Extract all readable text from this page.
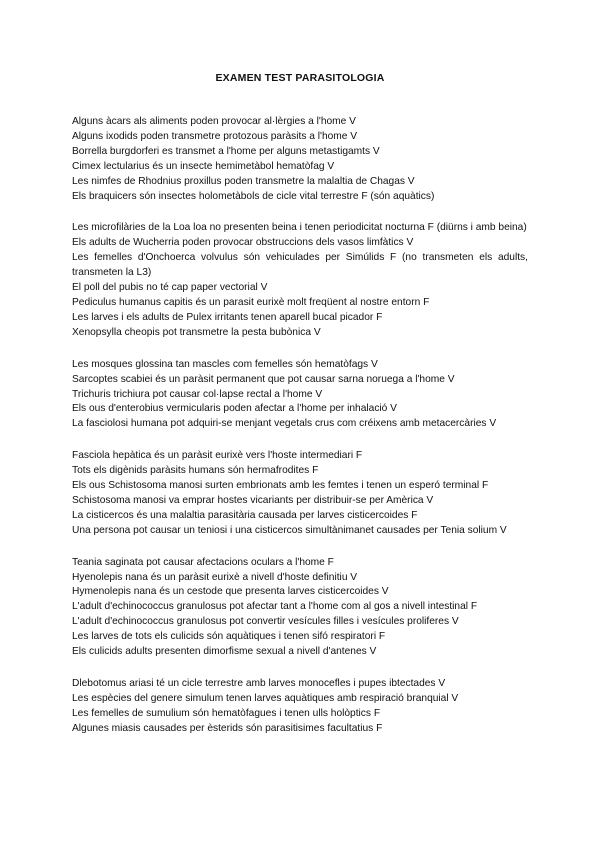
EXAMEN TEST PARASITOLOGIA

Alguns àcars als aliments poden provocar al·lèrgies a l'home V

Alguns ixodids poden transmetre protozous paràsits a l'home V

Borrella burgdorferi es transmet a l'home per alguns metastigamts V

Cimex lectularius és un insecte hemimetàbol hematòfag V

Les nimfes de Rhodnius proxillus poden transmetre la malaltia de Chagas V

Els braquicers són insectes holometàbols de cicle vital terrestre F (són aquàtics)

Les microfilàries de la Loa loa no presenten beina i tenen periodicitat nocturna F (diürns i amb beina)

Els adults de Wucherria poden provocar obstruccions dels vasos limfàtics V

Les femelles d'Onchoerca volvulus són vehiculades per Simúlids F (no transmeten els adults, transmeten la L3)

El poll del pubis no té cap paper vectorial V

Pediculus humanus capitis és un parasit eurixè molt freqüent al nostre entorn F

Les larves i els adults de Pulex irritants tenen aparell bucal picador F

Xenopsylla cheopis pot transmetre la pesta bubònica V

Les mosques glossina tan mascles com femelles són hematòfags V

Sarcoptes scabiei és un paràsit permanent que pot causar sarna noruega a l'home V

Trichuris trichiura pot causar col·lapse rectal a l'home V

Els ous d'enterobius vermicularis poden afectar a l'home per inhalació V

La fasciolosi humana pot adquiri-se menjant vegetals crus com créixens amb metacercàries V

Fasciola hepàtica és un paràsit eurixè vers l'hoste intermediari F

Tots els digènids paràsits humans són hermafrodites F

Els ous Schistosoma manosi surten embrionats amb les femtes i tenen un esperó terminal F

Schistosoma manosi va emprar hostes vicariants per distribuir-se per Amèrica V

La cisticercos és una malaltia parasitària causada per larves cisticercoides F

Una persona pot causar un teniosi i una cisticercos simultànimanet causades per Tenia solium V

Teania saginata pot causar afectacions oculars a l'home F

Hyenolepis nana és un paràsit eurixè a nivell d'hoste definitiu V

Hymenolepis nana és un cestode que presenta larves cisticercoides V

L'adult d'echinococcus granulosus pot afectar tant a l'home com al gos a nivell intestinal F

L'adult d'echinococcus granulosus pot convertir vesícules filles i vesícules proliferes V

Les larves de tots els culicids són aquàtiques i tenen sifó respiratori F

Els culicids adults presenten dimorfisme sexual a nivell d'antenes V

Dlebotomus ariasi té un cicle terrestre amb larves monocefles i pupes ibtectades V

Les espècies del genere simulum tenen larves aquàtiques amb respiració branquial V

Les femelles de sumulium són hematòfagues i tenen ulls holòptics F

Algunes miasis causades per èsterids són parasitisimes facultatius F
